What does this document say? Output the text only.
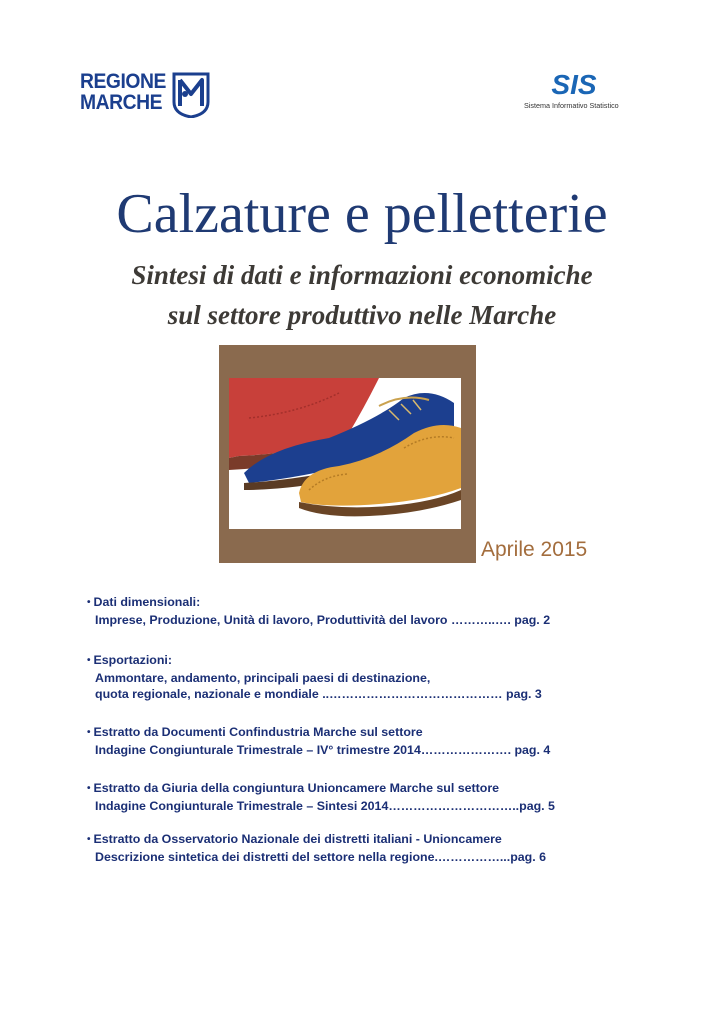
REGIONE
MARCHE
SIS
Sistema Informativo Statistico
Calzature e pelletterie
Sintesi di dati e informazioni economiche
sul settore produttivo nelle Marche
Aprile 2015
• Dati dimensionali:
Imprese, Produzione, Unità di lavoro, Produttività del lavoro ………..…. pag. 2
• Esportazioni:
Ammontare, andamento, principali paesi di destinazione,
quota regionale, nazionale e mondiale ..…………………………………… pag. 3
• Estratto da Documenti Confindustria Marche sul settore
Indagine Congiunturale Trimestrale – IV° trimestre 2014…………………. pag. 4
• Estratto da Giuria della congiuntura Unioncamere Marche sul settore
Indagine Congiunturale Trimestrale – Sintesi 2014…………………………..pag. 5
• Estratto da Osservatorio Nazionale dei distretti italiani - Unioncamere
Descrizione sintetica dei distretti del settore nella regione.……………...pag. 6
